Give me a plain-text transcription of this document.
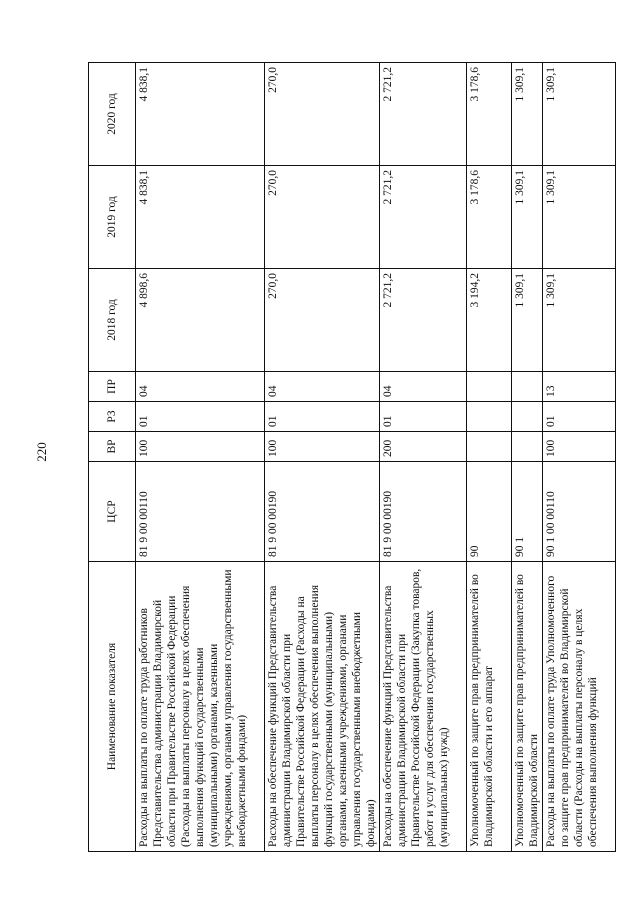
220
Наименование показателя	ЦСР	ВР	РЗ	ПР	2018 год	2019 год	2020 год
Расходы на выплаты по оплате труда работников Представительства администрации Владимирской области при Правительстве Российской Федерации (Расходы на выплаты персоналу в целях обеспечения выполнения функций государственными (муниципальными) органами, казенными учреждениями, органами управления государственными внебюджетными фондами)	81 9 00 00110	100	01	04	4 898,6	4 838,1	4 838,1
Расходы на обеспечение функций Представительства администрации Владимирской области при Правительстве Российской Федерации (Расходы на выплаты персоналу в целях обеспечения выполнения функций государственными (муниципальными) органами, казенными учреждениями, органами управления государственными внебюджетными фондами)	81 9 00 00190	100	01	04	270,0	270,0	270,0
Расходы на обеспечение функций Представительства администрации Владимирской области при Правительстве Российской Федерации (Закупка товаров, работ и услуг для обеспечения государственных (муниципальных) нужд)	81 9 00 00190	200	01	04	2 721,2	2 721,2	2 721,2
Уполномоченный по защите прав предпринимателей во Владимирской области и его аппарат	90				3 194,2	3 178,6	3 178,6
Уполномоченный по защите прав предпринимателей во Владимирской области	90 1				1 309,1	1 309,1	1 309,1
Расходы на выплаты по оплате труда Уполномоченного по защите прав предпринимателей во Владимирской области (Расходы на выплаты персоналу в целях обеспечения выполнения функций	90 1 00 00110	100	01	13	1 309,1	1 309,1	1 309,1
